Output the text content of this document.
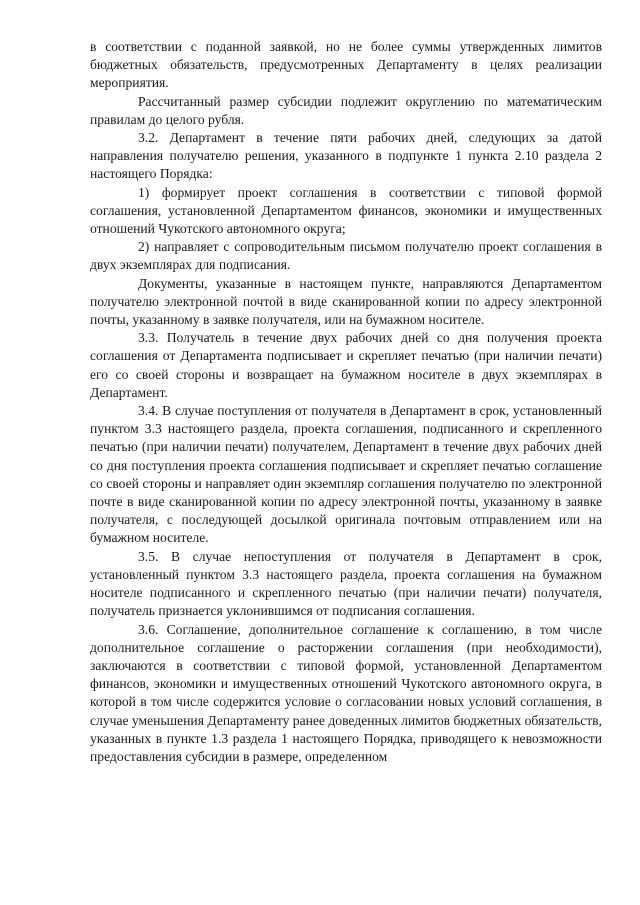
в соответствии с поданной заявкой, но не более суммы утвержденных лимитов бюджетных обязательств, предусмотренных Департаменту в целях реализации мероприятия.

Рассчитанный размер субсидии подлежит округлению по математическим правилам до целого рубля.

3.2. Департамент в течение пяти рабочих дней, следующих за датой направления получателю решения, указанного в подпункте 1 пункта 2.10 раздела 2 настоящего Порядка:

1) формирует проект соглашения в соответствии с типовой формой соглашения, установленной Департаментом финансов, экономики и имущественных отношений Чукотского автономного округа;

2) направляет с сопроводительным письмом получателю проект соглашения в двух экземплярах для подписания.

Документы, указанные в настоящем пункте, направляются Департаментом получателю электронной почтой в виде сканированной копии по адресу электронной почты, указанному в заявке получателя, или на бумажном носителе.

3.3. Получатель в течение двух рабочих дней со дня получения проекта соглашения от Департамента подписывает и скрепляет печатью (при наличии печати) его со своей стороны и возвращает на бумажном носителе в двух экземплярах в Департамент.

3.4. В случае поступления от получателя в Департамент в срок, установленный пунктом 3.3 настоящего раздела, проекта соглашения, подписанного и скрепленного печатью (при наличии печати) получателем, Департамент в течение двух рабочих дней со дня поступления проекта соглашения подписывает и скрепляет печатью соглашение со своей стороны и направляет один экземпляр соглашения получателю по электронной почте в виде сканированной копии по адресу электронной почты, указанному в заявке получателя, с последующей досылкой оригинала почтовым отправлением или на бумажном носителе.

3.5. В случае непоступления от получателя в Департамент в срок, установленный пунктом 3.3 настоящего раздела, проекта соглашения на бумажном носителе подписанного и скрепленного печатью (при наличии печати) получателя, получатель признается уклонившимся от подписания соглашения.

3.6. Соглашение, дополнительное соглашение к соглашению, в том числе дополнительное соглашение о расторжении соглашения (при необходимости), заключаются в соответствии с типовой формой, установленной Департаментом финансов, экономики и имущественных отношений Чукотского автономного округа, в которой в том числе содержится условие о согласовании новых условий соглашения, в случае уменьшения Департаменту ранее доведенных лимитов бюджетных обязательств, указанных в пункте 1.3 раздела 1 настоящего Порядка, приводящего к невозможности предоставления субсидии в размере, определенном
